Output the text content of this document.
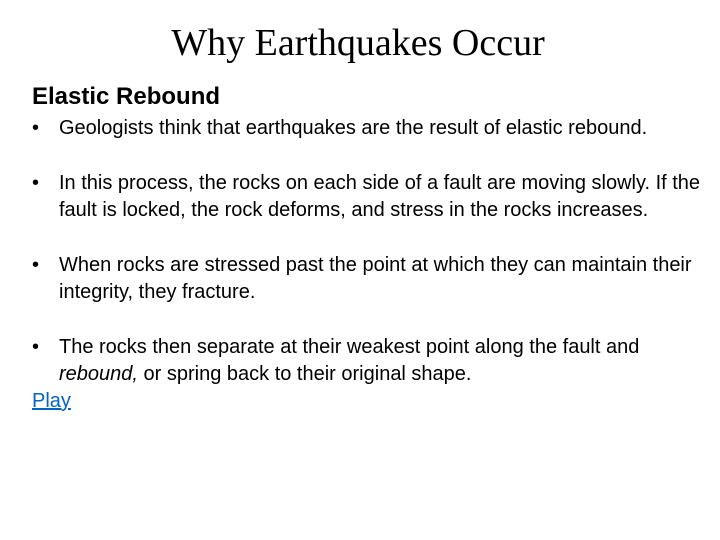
Why Earthquakes Occur
Elastic Rebound
• Geologists think that earthquakes are the result of elastic rebound.
• In this process, the rocks on each side of a fault are moving slowly. If the fault is locked, the rock deforms, and stress in the rocks increases.
• When rocks are stressed past the point at which they can maintain their integrity, they fracture.
• The rocks then separate at their weakest point along the fault and rebound, or spring back to their original shape.
Play
